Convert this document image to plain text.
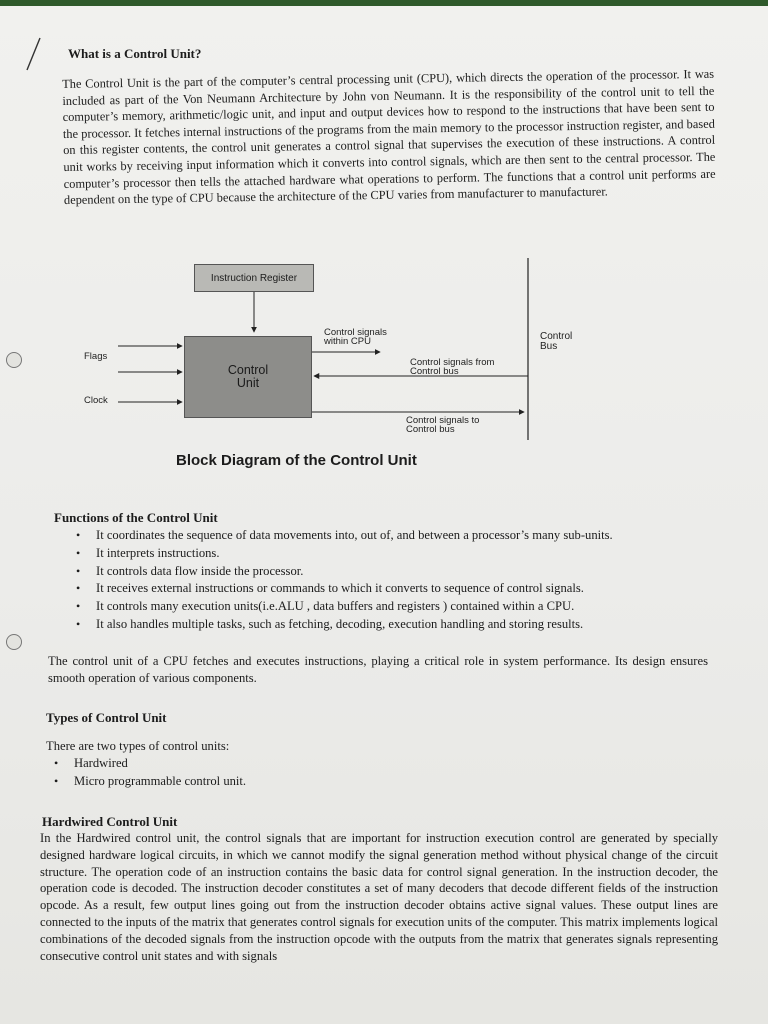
What is a Control Unit?

The Control Unit is the part of the computer’s central processing unit (CPU), which directs the operation of the processor. It was included as part of the Von Neumann Architecture by John von Neumann. It is the responsibility of the control unit to tell the computer’s memory, arithmetic/logic unit, and input and output devices how to respond to the instructions that have been sent to the processor. It fetches internal instructions of the programs from the main memory to the processor instruction register, and based on this register contents, the control unit generates a control signal that supervises the execution of these instructions. A control unit works by receiving input information which it converts into control signals, which are then sent to the central processor. The computer’s processor then tells the attached hardware what operations to perform. The functions that a control unit performs are dependent on the type of CPU because the architecture of the CPU varies from manufacturer to manufacturer.

Instruction Register
Control Unit
Flags
Clock
Control signals within CPU	Control Bus
Control signals from Control bus
Control signals to Control bus
Block Diagram of the Control Unit
Functions of the Control Unit
• It coordinates the sequence of data movements into, out of, and between a processor’s many sub-units.
• It interprets instructions.
• It controls data flow inside the processor.
• It receives external instructions or commands to which it converts to sequence of control signals.
• It controls many execution units(i.e.ALU , data buffers and registers ) contained within a CPU.
• It also handles multiple tasks, such as fetching, decoding, execution handling and storing results.

The control unit of a CPU fetches and executes instructions, playing a critical role in system performance. Its design ensures smooth operation of various components.

Types of Control Unit

There are two types of control units:

• Hardwired
• Micro programmable control unit.
Hardwired Control Unit

In the Hardwired control unit, the control signals that are important for instruction execution control are generated by specially designed hardware logical circuits, in which we cannot modify the signal generation method without physical change of the circuit structure. The operation code of an instruction contains the basic data for control signal generation. In the instruction decoder, the operation code is decoded. The instruction decoder constitutes a set of many decoders that decode different fields of the instruction opcode. As a result, few output lines going out from the instruction decoder obtains active signal values. These output lines are connected to the inputs of the matrix that generates control signals for execution units of the computer. This matrix implements logical combinations of the decoded signals from the instruction opcode with the outputs from the matrix that generates signals representing consecutive control unit states and with signals
